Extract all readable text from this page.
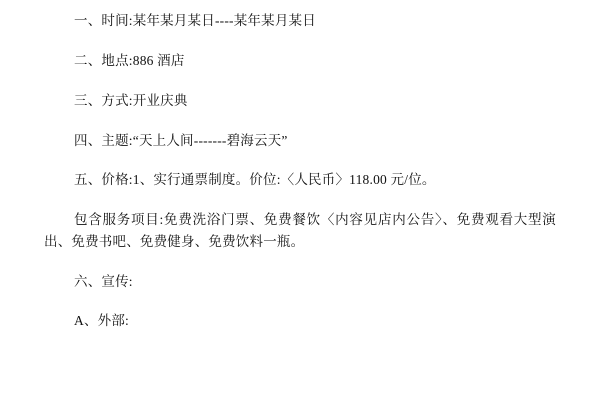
一、时间:某年某月某日----某年某月某日

二、地点:886 酒店

三、方式:开业庆典

四、主题:“天上人间-------碧海云天”

五、价格:1、实行通票制度。价位:〈人民币〉118.00 元/位。

包含服务项目:免费洗浴门票、免费餐饮〈内容见店内公告〉、免费观看大型演出、免费书吧、免费健身、免费饮料一瓶。

六、宣传:

A、外部:
